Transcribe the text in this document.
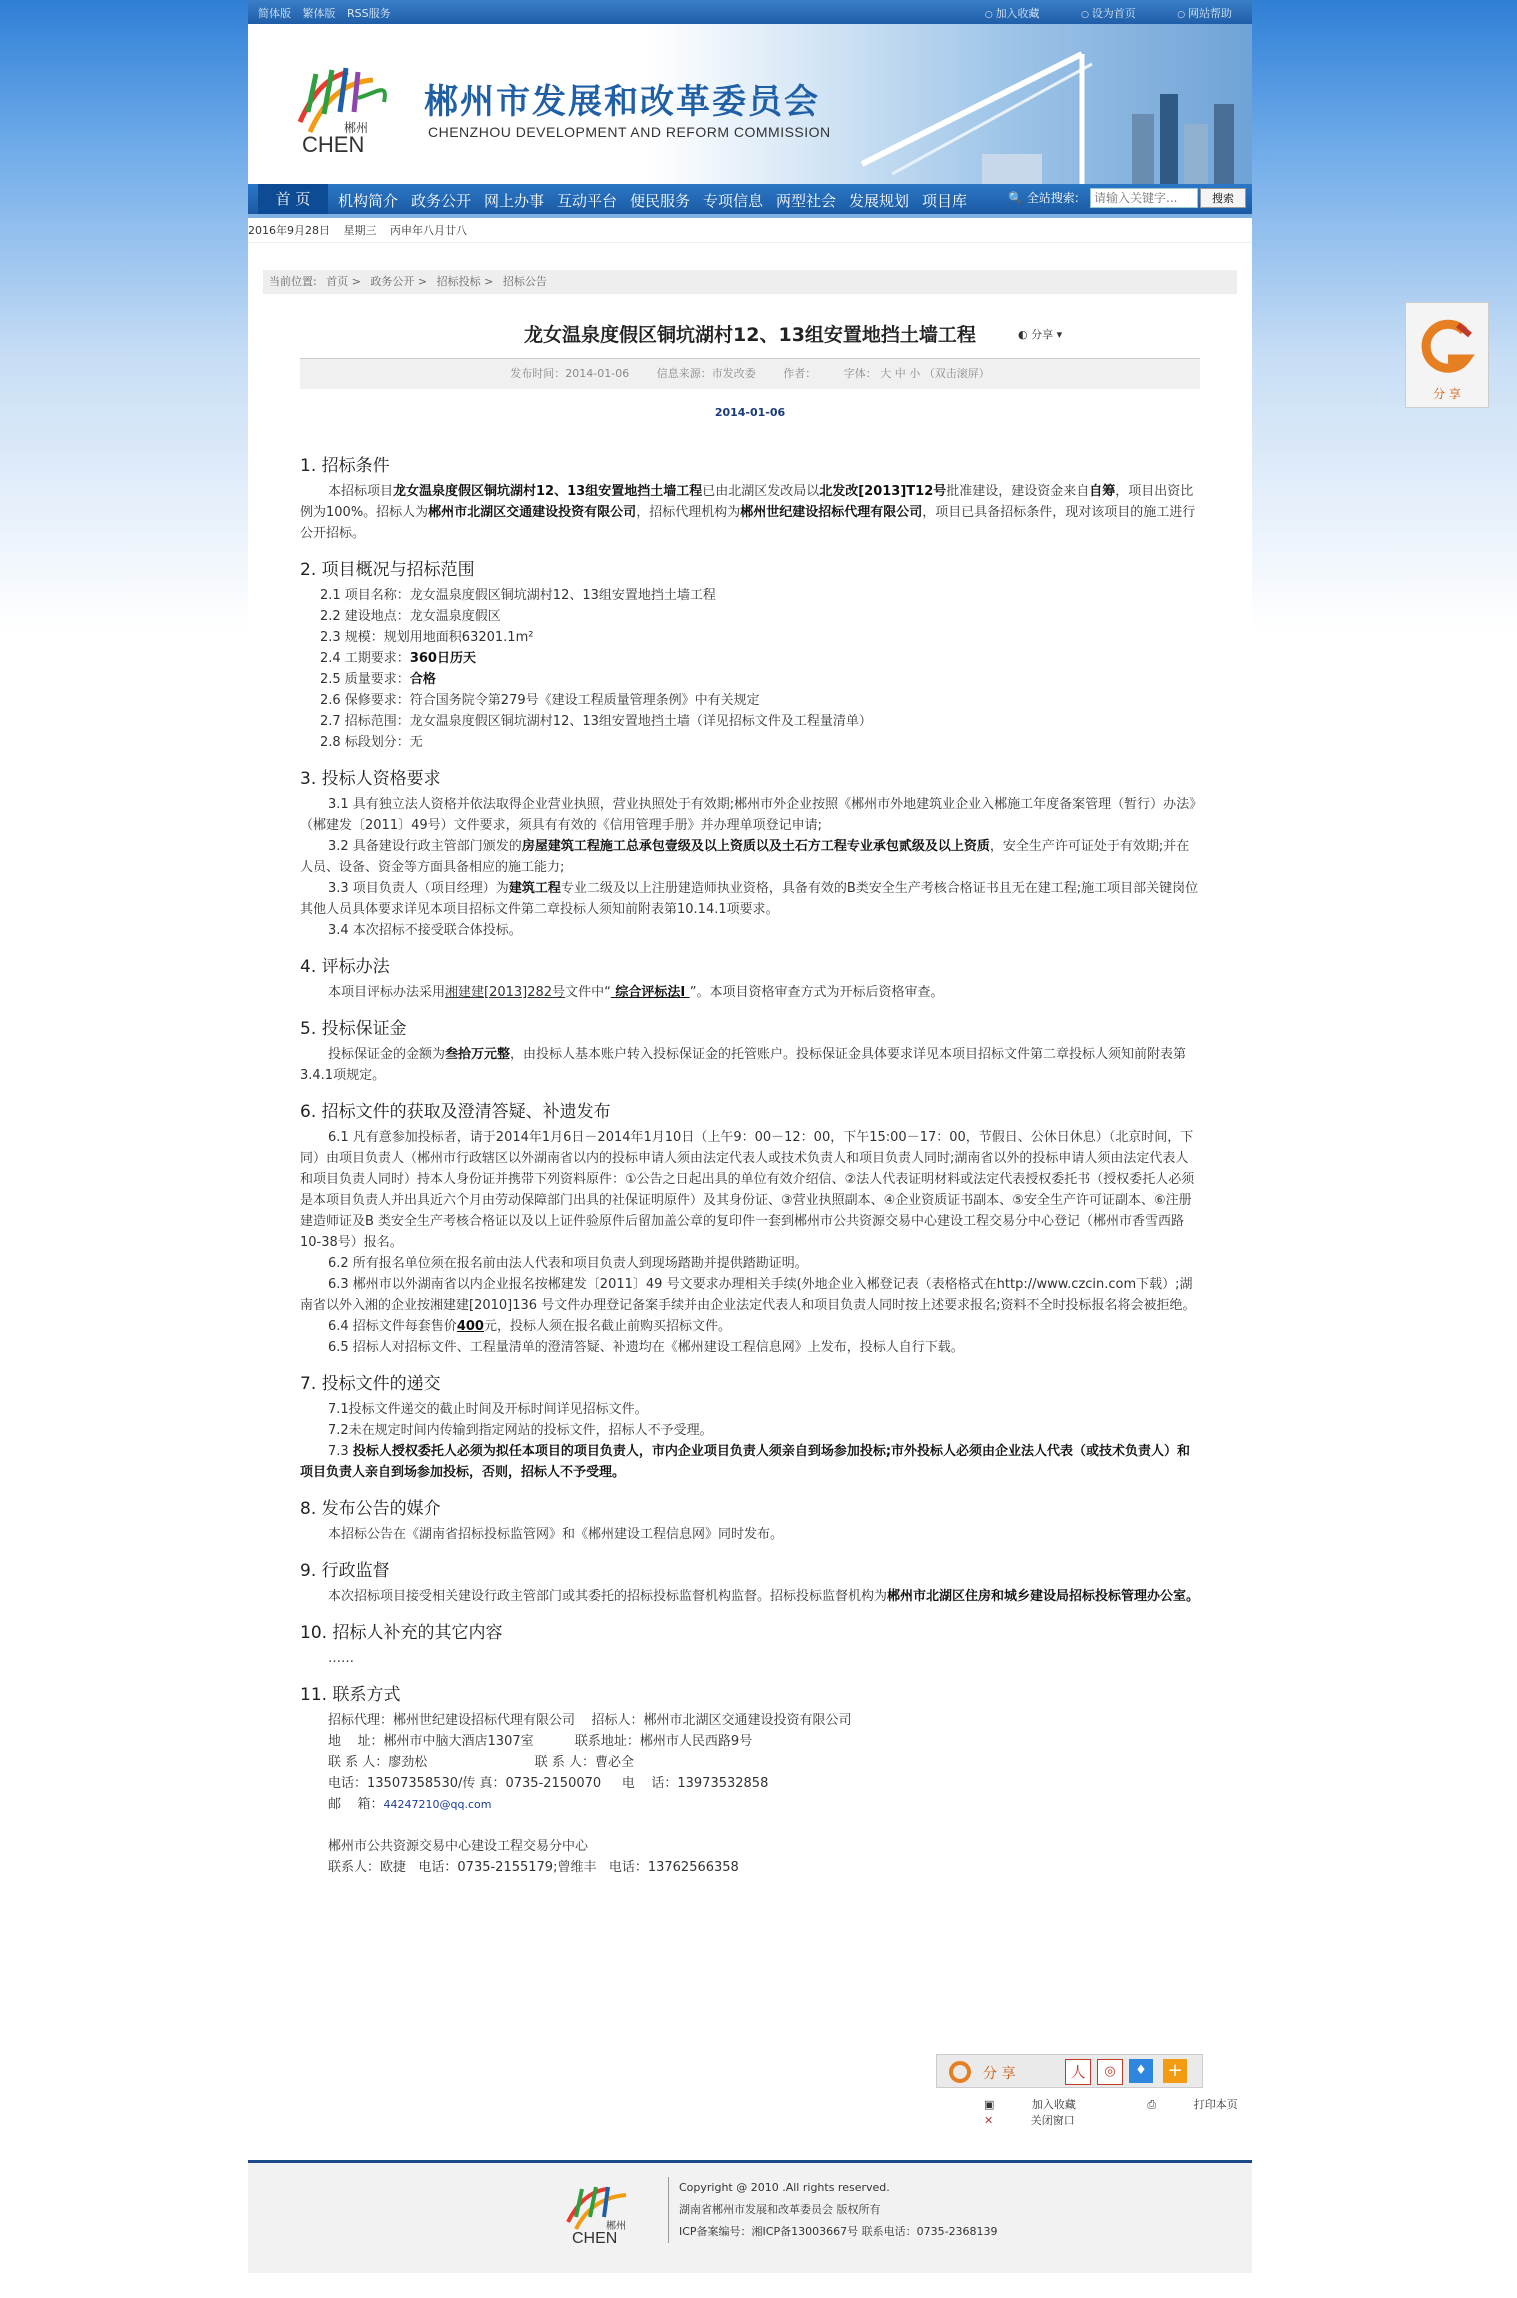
简体版 繁体版 RSS服务	○ 加入收藏	○ 设为首页	○ 网站帮助
郴州
CHEN
郴州市发展和改革委员会
CHENZHOU DEVELOPMENT AND REFORM COMMISSION
首 页	机构简介 政务公开 网上办事 互动平台 便民服务 专项信息 两型社会 发展规划 项目库	🔍 全站搜索:
请输入关键字...	搜索
2016年9月28日 星期三 丙申年八月廿八
当前位置: 首页 > 政务公开 > 招标投标 > 招标公告
龙女温泉度假区铜坑湖村12、13组安置地挡土墙工程	◐ 分享 ▾
发布时间：2014-01-06	信息来源：市发改委	作者：	字体： 大 中 小 （双击滚屏）
2014-01-06
1. 招标条件

本招标项目龙女温泉度假区铜坑湖村12、13组安置地挡土墙工程已由北湖区发改局以北发改[2013]T12号批准建设，建设资金来自自筹，项目出资比例为100%。招标人为郴州市北湖区交通建设投资有限公司，招标代理机构为郴州世纪建设招标代理有限公司，项目已具备招标条件，现对该项目的施工进行公开招标。

2. 项目概况与招标范围

2.1 项目名称：龙女温泉度假区铜坑湖村12、13组安置地挡土墙工程

2.2 建设地点：龙女温泉度假区

2.3 规模：规划用地面积63201.1m²

2.4 工期要求：360日历天

2.5 质量要求：合格

2.6 保修要求：符合国务院令第279号《建设工程质量管理条例》中有关规定

2.7 招标范围：龙女温泉度假区铜坑湖村12、13组安置地挡土墙（详见招标文件及工程量清单）

2.8 标段划分：无

3. 投标人资格要求

3.1 具有独立法人资格并依法取得企业营业执照，营业执照处于有效期;郴州市外企业按照《郴州市外地建筑业企业入郴施工年度备案管理（暂行）办法》（郴建发〔2011〕49号）文件要求，须具有有效的《信用管理手册》并办理单项登记申请;

3.2 具备建设行政主管部门颁发的房屋建筑工程施工总承包壹级及以上资质以及土石方工程专业承包贰级及以上资质，安全生产许可证处于有效期;并在人员、设备、资金等方面具备相应的施工能力;

3.3 项目负责人（项目经理）为建筑工程专业二级及以上注册建造师执业资格，具备有效的B类安全生产考核合格证书且无在建工程;施工项目部关键岗位其他人员具体要求详见本项目招标文件第二章投标人须知前附表第10.14.1项要求。

3.4 本次招标不接受联合体投标。

4. 评标办法

本项目评标办法采用湘建建[2013]282号文件中“ 综合评标法Ⅰ ”。本项目资格审查方式为开标后资格审查。

5. 投标保证金

投标保证金的金额为叁拾万元整，由投标人基本账户转入投标保证金的托管账户。投标保证金具体要求详见本项目招标文件第二章投标人须知前附表第3.4.1项规定。

6. 招标文件的获取及澄清答疑、补遗发布

6.1 凡有意参加投标者，请于2014年1月6日－2014年1月10日（上午9：00－12：00，下午15:00－17：00，节假日、公休日休息）（北京时间，下同）由项目负责人（郴州市行政辖区以外湖南省以内的投标申请人须由法定代表人或技术负责人和项目负责人同时;湖南省以外的投标申请人须由法定代表人和项目负责人同时）持本人身份证并携带下列资料原件：①公告之日起出具的单位有效介绍信、②法人代表证明材料或法定代表授权委托书（授权委托人必须是本项目负责人并出具近六个月由劳动保障部门出具的社保证明原件）及其身份证、③营业执照副本、④企业资质证书副本、⑤安全生产许可证副本、⑥注册建造师证及B 类安全生产考核合格证以及以上证件验原件后留加盖公章的复印件一套到郴州市公共资源交易中心建设工程交易分中心登记（郴州市香雪西路10-38号）报名。

6.2 所有报名单位须在报名前由法人代表和项目负责人到现场踏勘并提供踏勘证明。

6.3 郴州市以外湖南省以内企业报名按郴建发〔2011〕49 号文要求办理相关手续(外地企业入郴登记表（表格格式在http://www.czcin.com下载）;湖南省以外入湘的企业按湘建建[2010]136 号文件办理登记备案手续并由企业法定代表人和项目负责人同时按上述要求报名;资料不全时投标报名将会被拒绝。

6.4 招标文件每套售价400元，投标人须在报名截止前购买招标文件。

6.5 招标人对招标文件、工程量清单的澄清答疑、补遗均在《郴州建设工程信息网》上发布，投标人自行下载。

7. 投标文件的递交

7.1投标文件递交的截止时间及开标时间详见招标文件。

7.2未在规定时间内传输到指定网站的投标文件，招标人不予受理。

7.3 投标人授权委托人必须为拟任本项目的项目负责人，市内企业项目负责人须亲自到场参加投标;市外投标人必须由企业法人代表（或技术负责人）和项目负责人亲自到场参加投标，否则，招标人不予受理。

8. 发布公告的媒介

本招标公告在《湖南省招标投标监管网》和《郴州建设工程信息网》同时发布。

9. 行政监督

本次招标项目接受相关建设行政主管部门或其委托的招标投标监督机构监督。招标投标监督机构为郴州市北湖区住房和城乡建设局招标投标管理办公室。

10. 招标人补充的其它内容

……

11. 联系方式

招标代理：郴州世纪建设招标代理有限公司    招标人：郴州市北湖区交通建设投资有限公司

地    址：郴州市中脑大酒店1307室          联系地址：郴州市人民西路9号

联 系 人：廖劲松                          联 系 人：曹必全

电话：13507358530/传 真：0735-2150070     电    话：13973532858

邮    箱：44247210@qq.com

郴州市公共资源交易中心建设工程交易分中心

联系人：欧捷   电话：0735-2155179;曾维丰   电话：13762566358

分 享	人	◎	♦	+
▣	加入收藏	⎙	打印本页 ✕	关闭窗口
郴州
CHEN
Copyright @ 2010 .All rights reserved.
湖南省郴州市发展和改革委员会 版权所有
ICP备案编号：湘ICP备13003667号 联系电话：0735-2368139
分 享
